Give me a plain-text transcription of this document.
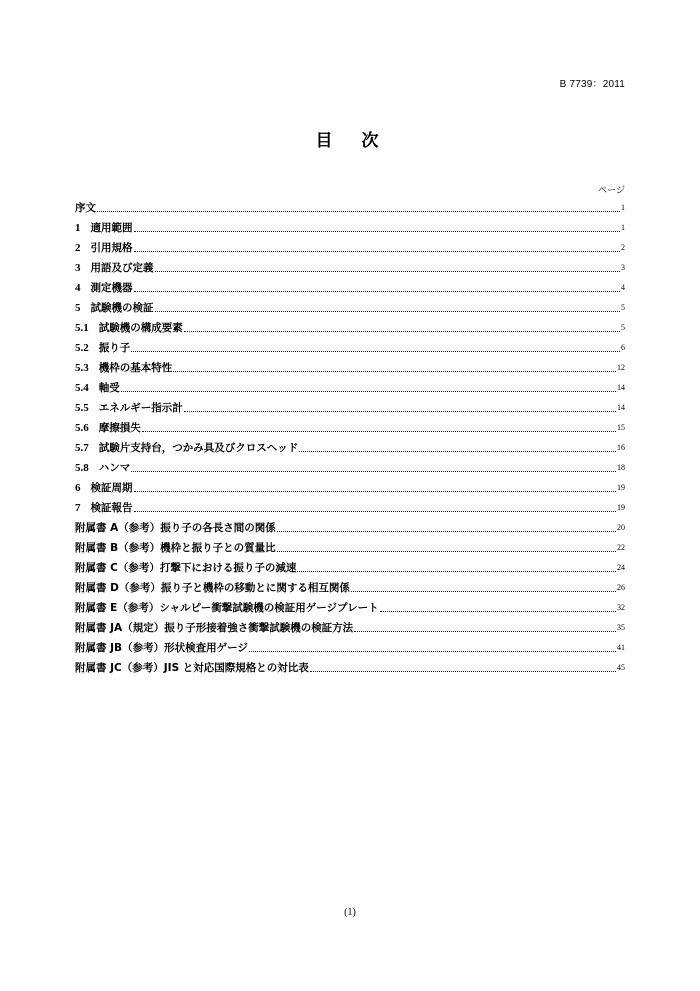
B 7739：2011
目　次
ページ
序文	1
1 適用範囲	1
2 引用規格	2
3 用語及び定義	3
4 測定機器	4
5 試験機の検証	5
5.1 試験機の構成要素	5
5.2 振り子	6
5.3 機枠の基本特性	12
5.4 軸受	14
5.5 エネルギー指示計	14
5.6 摩擦損失	15
5.7 試験片支持台，つかみ具及びクロスヘッド	16
5.8 ハンマ	18
6 検証周期	19
7 検証報告	19
附属書 A（参考）振り子の各長さ間の関係	20
附属書 B（参考）機枠と振り子との質量比	22
附属書 C（参考）打撃下における振り子の減速	24
附属書 D（参考）振り子と機枠の移動とに関する相互関係	26
附属書 E（参考）シャルピー衝撃試験機の検証用ゲージプレート	32
附属書 JA（規定）振り子形接着強さ衝撃試験機の検証方法	35
附属書 JB（参考）形状検査用ゲージ	41
附属書 JC（参考）JIS と対応国際規格との対比表	45
(1)
